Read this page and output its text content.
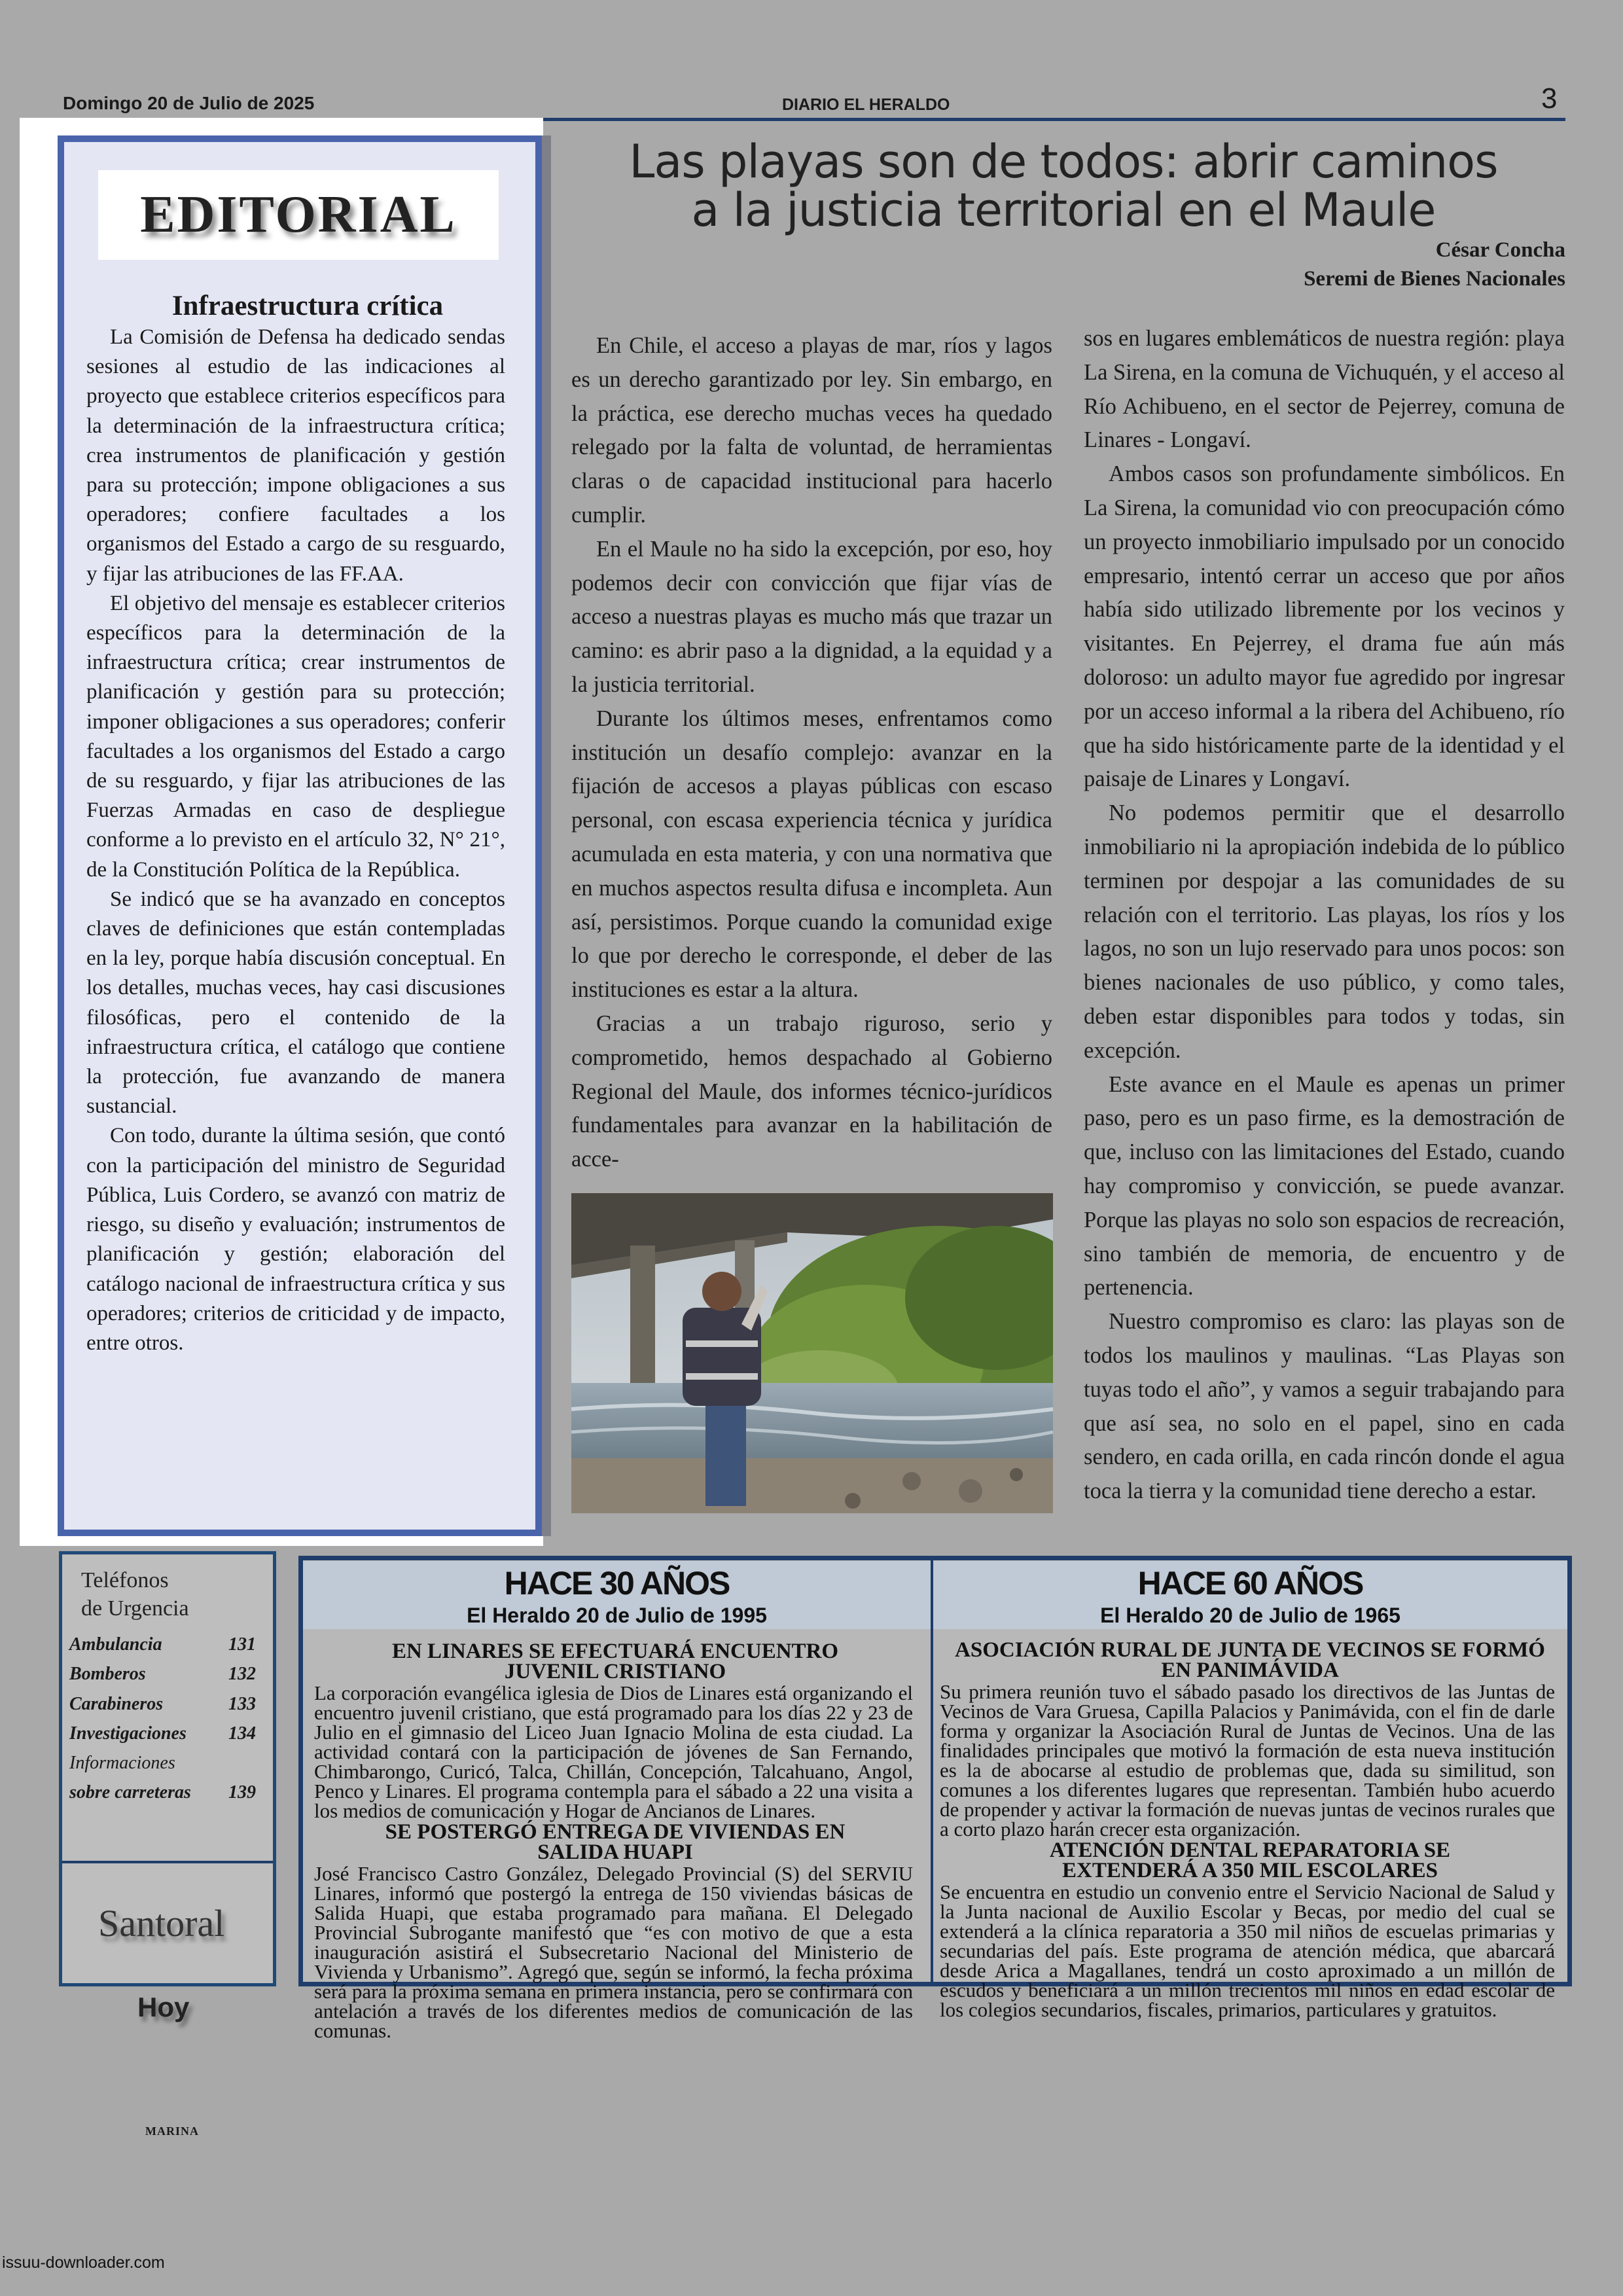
Domingo 20 de Julio de 2025	DIARIO EL HERALDO	3
EDITORIAL
Infraestructura crítica

La Comisión de Defensa ha dedicado sendas sesiones al estudio de las indicaciones al proyecto que establece criterios específicos para la determinación de la infraestructura crítica; crea instrumentos de planificación y gestión para su protección; impone obligaciones a sus operadores; confiere facultades a los organismos del Estado a cargo de su resguardo, y fijar las atribuciones de las FF.AA.

El objetivo del mensaje es establecer criterios específicos para la determinación de la infraestructura crítica; crear instrumentos de planificación y gestión para su protección; imponer obligaciones a sus operadores; conferir facultades a los organismos del Estado a cargo de su resguardo, y fijar las atribuciones de las Fuerzas Armadas en caso de despliegue conforme a lo previsto en el artículo 32, N° 21°, de la Constitución Política de la República.

Se indicó que se ha avanzado en conceptos claves de definiciones que están contempladas en la ley, porque había discusión conceptual. En los detalles, muchas veces, hay casi discusiones filosóficas, pero el contenido de la infraestructura crítica, el catálogo que contiene la protección, fue avanzando de manera sustancial.

Con todo, durante la última sesión, que contó con la participación del ministro de Seguridad Pública, Luis Cordero, se avanzó con matriz de riesgo, su diseño y evaluación; instrumentos de planificación y gestión; elaboración del catálogo nacional de infraestructura crítica y sus operadores; criterios de criticidad y de impacto, entre otros.

Las playas son de todos: abrir caminos
a la justicia territorial en el Maule
César Concha
Seremi de Bienes Nacionales

En Chile, el acceso a playas de mar, ríos y lagos es un derecho garantizado por ley. Sin embargo, en la práctica, ese derecho muchas veces ha quedado relegado por la falta de voluntad, de herramientas claras o de capacidad institucional para hacerlo cumplir.

En el Maule no ha sido la excepción, por eso, hoy podemos decir con convicción que fijar vías de acceso a nuestras playas es mucho más que trazar un camino: es abrir paso a la dignidad, a la equidad y a la justicia territorial.

Durante los últimos meses, enfrentamos como institución un desafío complejo: avanzar en la fijación de accesos a playas públicas con escaso personal, con escasa experiencia técnica y jurídica acumulada en esta materia, y con una normativa que en muchos aspectos resulta difusa e incompleta. Aun así, persistimos. Porque cuando la comunidad exige lo que por derecho le corresponde, el deber de las instituciones es estar a la altura.

Gracias a un trabajo riguroso, serio y comprometido, hemos despachado al Gobierno Regional del Maule, dos informes técnico-jurídicos fundamentales para avanzar en la habilitación de acce-

sos en lugares emblemáticos de nuestra región: playa La Sirena, en la comuna de Vichuquén, y el acceso al Río Achibueno, en el sector de Pejerrey, comuna de Linares - Longaví.

Ambos casos son profundamente simbólicos. En La Sirena, la comunidad vio con preocupación cómo un proyecto inmobiliario impulsado por un conocido empresario, intentó cerrar un acceso que por años había sido utilizado libremente por los vecinos y visitantes. En Pejerrey, el drama fue aún más doloroso: un adulto mayor fue agredido por ingresar por un acceso informal a la ribera del Achibueno, río que ha sido históricamente parte de la identidad y el paisaje de Linares y Longaví.

No podemos permitir que el desarrollo inmobiliario ni la apropiación indebida de lo público terminen por despojar a las comunidades de su relación con el territorio. Las playas, los ríos y los lagos, no son un lujo reservado para unos pocos: son bienes nacionales de uso público, y como tales, deben estar disponibles para todos y todas, sin excepción.

Este avance en el Maule es apenas un primer paso, pero es un paso firme, es la demostración de que, incluso con las limitaciones del Estado, cuando hay compromiso y convicción, se puede avanzar. Porque las playas no solo son espacios de recreación, sino también de memoria, de encuentro y de pertenencia.

Nuestro compromiso es claro: las playas son de todos los maulinos y maulinas. “Las Playas son tuyas todo el año”, y vamos a seguir trabajando para que así sea, no solo en el papel, sino en cada sendero, en cada orilla, en cada rincón donde el agua toca la tierra y la comunidad tiene derecho a estar.

Teléfonos
de Urgencia
Ambulancia	131
Bomberos	132
Carabineros	133
Investigaciones 134
Informaciones
sobre carreteras 139
Santoral
Hoy
MARINA
HACE 30 AÑOS
El Heraldo 20 de Julio de 1995
EN LINARES SE EFECTUARÁ ENCUENTRO JUVENIL CRISTIANO
La corporación evangélica iglesia de Dios de Linares está organizando el encuentro juvenil cristiano, que está programado para los días 22 y 23 de Julio en el gimnasio del Liceo Juan Ignacio Molina de esta ciudad. La actividad contará con la participación de jóvenes de San Fernando, Chimbarongo, Curicó, Talca, Chillán, Concepción, Talcahuano, Angol, Penco y Linares. El programa contempla para el sábado a 22 una visita a los medios de comunicación y Hogar de Ancianos de Linares.
SE POSTERGÓ ENTREGA DE VIVIENDAS EN SALIDA HUAPI
José Francisco Castro González, Delegado Provincial (S) del SERVIU Linares, informó que postergó la entrega de 150 viviendas básicas de Salida Huapi, que estaba programado para mañana. El Delegado Provincial Subrogante manifestó que “es con motivo de que a esta inauguración asistirá el Subsecretario Nacional del Ministerio de Vivienda y Urbanismo”. Agregó que, según se informó, la fecha próxima será para la próxima semana en primera instancia, pero se confirmará con antelación a través de los diferentes medios de comunicación de las comunas.
HACE 60 AÑOS
El Heraldo 20 de Julio de 1965
ASOCIACIÓN RURAL DE JUNTA DE VECINOS SE FORMÓ EN PANIMÁVIDA
Su primera reunión tuvo el sábado pasado los directivos de las Juntas de Vecinos de Vara Gruesa, Capilla Palacios y Panimávida, con el fin de darle forma y organizar la Asociación Rural de Juntas de Vecinos. Una de las finalidades principales que motivó la formación de esta nueva institución es la de abocarse al estudio de problemas que, dada su similitud, son comunes a los diferentes lugares que representan. También hubo acuerdo de propender y activar la formación de nuevas juntas de vecinos rurales que a corto plazo harán crecer esta organización.
ATENCIÓN DENTAL REPARATORIA SE EXTENDERÁ A 350 MIL ESCOLARES
Se encuentra en estudio un convenio entre el Servicio Nacional de Salud y la Junta nacional de Auxilio Escolar y Becas, por medio del cual se extenderá a la clínica reparatoria a 350 mil niños de escuelas primarias y secundarias del país. Este programa de atención médica, que abarcará desde Arica a Magallanes, tendrá un costo aproximado a un millón de escudos y beneficiará a un millón trecientos mil niños en edad escolar de los colegios secundarios, fiscales, primarios, particulares y gratuitos.
issuu-downloader.com
